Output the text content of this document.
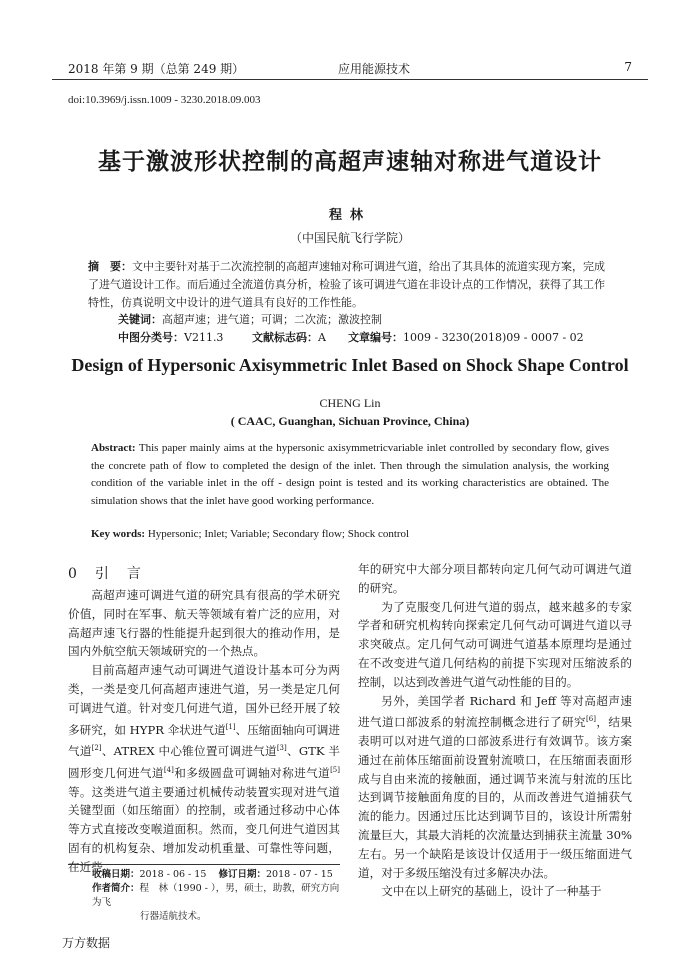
2018 年第 9 期（总第 249 期）	应用能源技术	7
doi:10.3969/j.issn.1009 - 3230.2018.09.003
基于激波形状控制的高超声速轴对称进气道设计
程林
（中国民航飞行学院）
摘　要：文中主要针对基于二次流控制的高超声速轴对称可调进气道，给出了其具体的流道实现方案，完成了进气道设计工作。而后通过全流道仿真分析，检验了该可调进气道在非设计点的工作情况，获得了其工作特性，仿真说明文中设计的进气道具有良好的工作性能。
关键词：高超声速；进气道；可调；二次流；激波控制
中图分类号：V211.3	文献标志码：A 文章编号：1009 - 3230(2018)09 - 0007 - 02
Design of Hypersonic Axisymmetric Inlet Based on Shock Shape Control
CHENG Lin
( CAAC, Guanghan, Sichuan Province, China)
Abstract: This paper mainly aims at the hypersonic axisymmetricvariable inlet controlled by secondary flow, gives the concrete path of flow to completed the design of the inlet. Then through the simulation analysis, the working condition of the variable inlet in the off - design point is tested and its working characteristics are obtained. The simulation shows that the inlet have good working performance.
Key words: Hypersonic; Inlet; Variable; Secondary flow; Shock control
0 引言

高超声速可调进气道的研究具有很高的学术研究价值，同时在军事、航天等领域有着广泛的应用，对高超声速飞行器的性能提升起到很大的推动作用，是国内外航空航天领域研究的一个热点。

目前高超声速气动可调进气道设计基本可分为两类，一类是变几何高超声速进气道，另一类是定几何可调进气道。针对变几何进气道，国外已经开展了较多研究，如 HYPR 伞状进气道[1]、压缩面轴向可调进气道[2]、ATREX 中心锥位置可调进气道[3]、GTK 半圆形变几何进气道[4]和多级圆盘可调轴对称进气道[5]等。这类进气道主要通过机械传动装置实现对进气道关键型面（如压缩面）的控制，或者通过移动中心体等方式直接改变喉道面积。然而，变几何进气道因其固有的机构复杂、增加发动机重量、可靠性等问题，在近些

年的研究中大部分项目都转向定几何气动可调进气道的研究。

为了克服变几何进气道的弱点，越来越多的专家学者和研究机构转向探索定几何气动可调进气道以寻求突破点。定几何气动可调进气道基本原理均是通过在不改变进气道几何结构的前提下实现对压缩波系的控制，以达到改善进气道气动性能的目的。

另外，美国学者 Richard 和 Jeff 等对高超声速进气道口部波系的射流控制概念进行了研究[6]，结果表明可以对进气道的口部波系进行有效调节。该方案通过在前体压缩面前设置射流喷口，在压缩面表面形成与自由来流的接触面，通过调节来流与射流的压比达到调节接触面角度的目的，从而改善进气道捕获气流的能力。因通过压比达到调节目的，该设计所需射流量巨大，其最大消耗的次流量达到捕获主流量 30% 左右。另一个缺陷是该设计仅适用于一级压缩面进气道，对于多级压缩没有过多解决办法。

文中在以上研究的基础上，设计了一种基于

收稿日期：2018 - 06 - 15 修订日期：2018 - 07 - 15
作者简介：程　林（1990 - ），男，硕士，助教，研究方向为飞
行器适航技术。
万方数据
